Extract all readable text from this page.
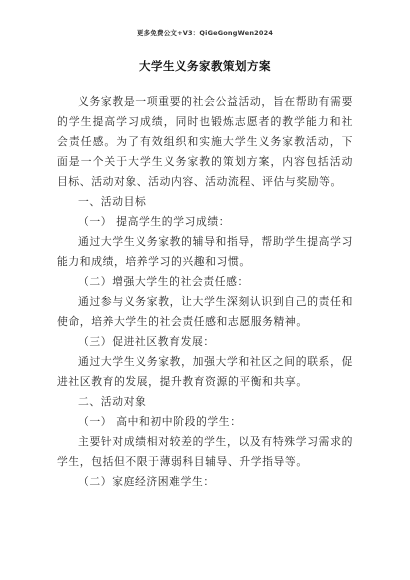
更多免费公文+V3：QiGeGongWen2024
大学生义务家教策划方案
义务家教是一项重要的社会公益活动，旨在帮助有需要
的学生提高学习成绩，同时也锻炼志愿者的教学能力和社
会责任感。为了有效组织和实施大学生义务家教活动，下
面是一个关于大学生义务家教的策划方案，内容包括活动
目标、活动对象、活动内容、活动流程、评估与奖励等。
一、活动目标
（一） 提高学生的学习成绩：
通过大学生义务家教的辅导和指导，帮助学生提高学习
能力和成绩，培养学习的兴趣和习惯。
（二）增强大学生的社会责任感：
通过参与义务家教，让大学生深刻认识到自己的责任和
使命，培养大学生的社会责任感和志愿服务精神。
（三）促进社区教育发展：
通过大学生义务家教，加强大学和社区之间的联系，促
进社区教育的发展，提升教育资源的平衡和共享。
二、活动对象
（一） 高中和初中阶段的学生：
主要针对成绩相对较差的学生，以及有特殊学习需求的
学生，包括但不限于薄弱科目辅导、升学指导等。
（二）家庭经济困难学生：
